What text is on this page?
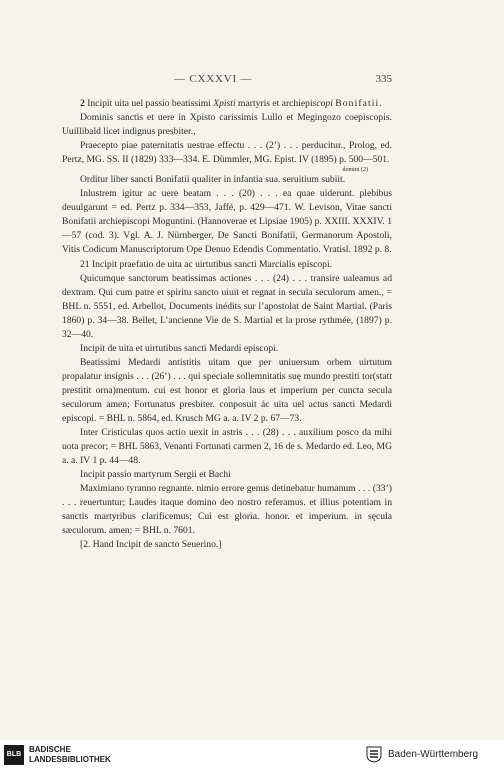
— CXXXVI —	335

2 Incipit uita uel passio beatissimi Xpisti martyris et archiepiscopi Bonifatii.

Dominis sanctis et uere in Xpisto carissimis Lullo et Megingozo coepiscopis. Uuillibald licet indignus presbiter.,

Praecepto piae paternitatis uestrae effectu . . . (2’) . . . perducitur., Prolog, ed. Pertz, MG. SS. II (1829) 333—334. E. Dümmler, MG. Epist. IV (1895) p. 500—501.

domini (2)

Orditur liber sancti Bonifatii qualiter in infantia sua. seruitium subiit.

Inlustrem igitur ac uere beatam . . . (20) . . . ea quae uiderunt. plebibus deuulgarunt = ed. Pertz p. 334—353, Jaffé, p. 429—471. W. Levison, Vitae sancti Bonifatii archiepiscopi Moguntini. (Hannoverae et Lipsiae 1905) p. XXIII. XXXIV. 1—57 (cod. 3). Vgl. A. J. Nürnberger, De Sancti Bonifatii, Germanorum Apostoli, Vitis Codicum Manuscriptorum Ope Denuo Edendis Commentatio. Vratisl. 1892 p. 8.

21 Incipit praefatio de uita ac uirtutibus sancti Marcialis episcopi.

Quicumque sanctorum beatissimas actiones . . . (24) . . . transire ualeamus ad dextram. Qui cum patre et spiritu sancto uiuit et regnat in secula seculorum amen., = BHL n. 5551, ed. Arbellot, Documents inédits sur l’apostolat de Saint Martial. (Paris 1860) p. 34—38. Bellet, L’ancienne Vie de S. Martial et la prose rythmée, (1897) p. 32—40.

Incipit de uita et uirtutibus sancti Medardi episcopi.

Beatissimi Medardi antistitis uitam que per uniuersum orbem uirtutum propalatur insignis . . . (26’) . . . qui speciale sollemnitatis suę mundo prestiti tor(statt prestitit orna)mentum. cui est honor et gloria laus et imperium per cuncta secula seculorum amen; Fortunatus presbiter. conposuit ác uita uel actus sancti Medardi episcopi. = BHL n. 5864, ed. Krusch MG a. a. IV 2 p. 67—73.

Inter Cristiculas quos actio uexit in astris . . . (28) . . . auxilium posco da mihi uota precor; = BHL 5863, Venanti Fortunati carmen 2, 16 de s. Medardo ed. Leo, MG a. a. IV 1 p. 44—48.

Incipit passio martyrum Sergii et Bachi

Maximiano tyranno regnante. nimio errore genus detinebatur humanum . . . (33’) . . . reuertuntur; Laudes itaque domino deo nostro referamus. et illius potentiam in sanctis martyribus clarificemus; Cui est gloria. honor. et imperium. in sęcula sæculorum. amen; = BHL n. 7601.

[2. Hand Incipit de sancto Seuerino.]

BLB
BADISCHE
LANDESBIBLIOTHEK	Baden-Württemberg
